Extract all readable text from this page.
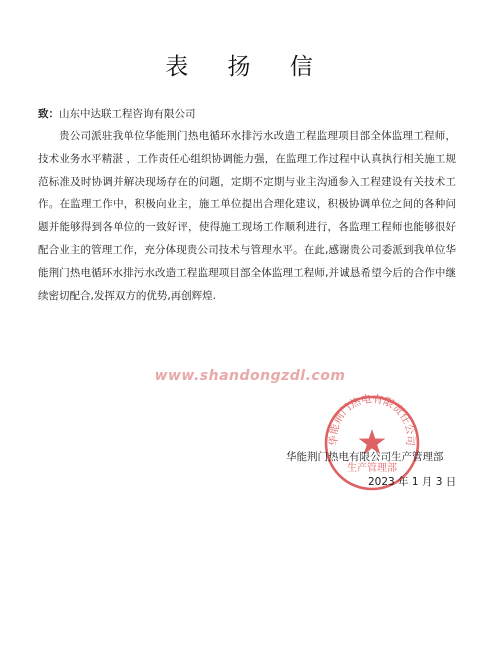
表 扬 信
致：山东中达联工程咨询有限公司
贵公司派驻我单位华能荆门热电循环水排污水改造工程监理项目部全体监理工程师，技术业务水平精湛 ，工作责任心组织协调能力强，在监理工作过程中认真执行相关施工规范标准及时协调并解决现场存在的问题，定期不定期与业主沟通参入工程建设有关技术工作。在监理工作中，积极向业主，施工单位提出合理化建议，积极协调单位之间的各种问题并能够得到各单位的一致好评，使得施工现场工作顺利进行，各监理工程师也能够很好配合业主的管理工作，充分体现贵公司技术与管理水平。在此,感谢贵公司委派到我单位华能荆门热电循环水排污水改造工程监理项目部全体监理工程师,并诚恳希望今后的合作中继续密切配合,发挥双方的优势,再创辉煌.
www.shandongzdl.com
华能荆门热电有限责任公司
生产管理部
华能荆门热电有限公司生产管理部
2023 年 1 月 3 日
